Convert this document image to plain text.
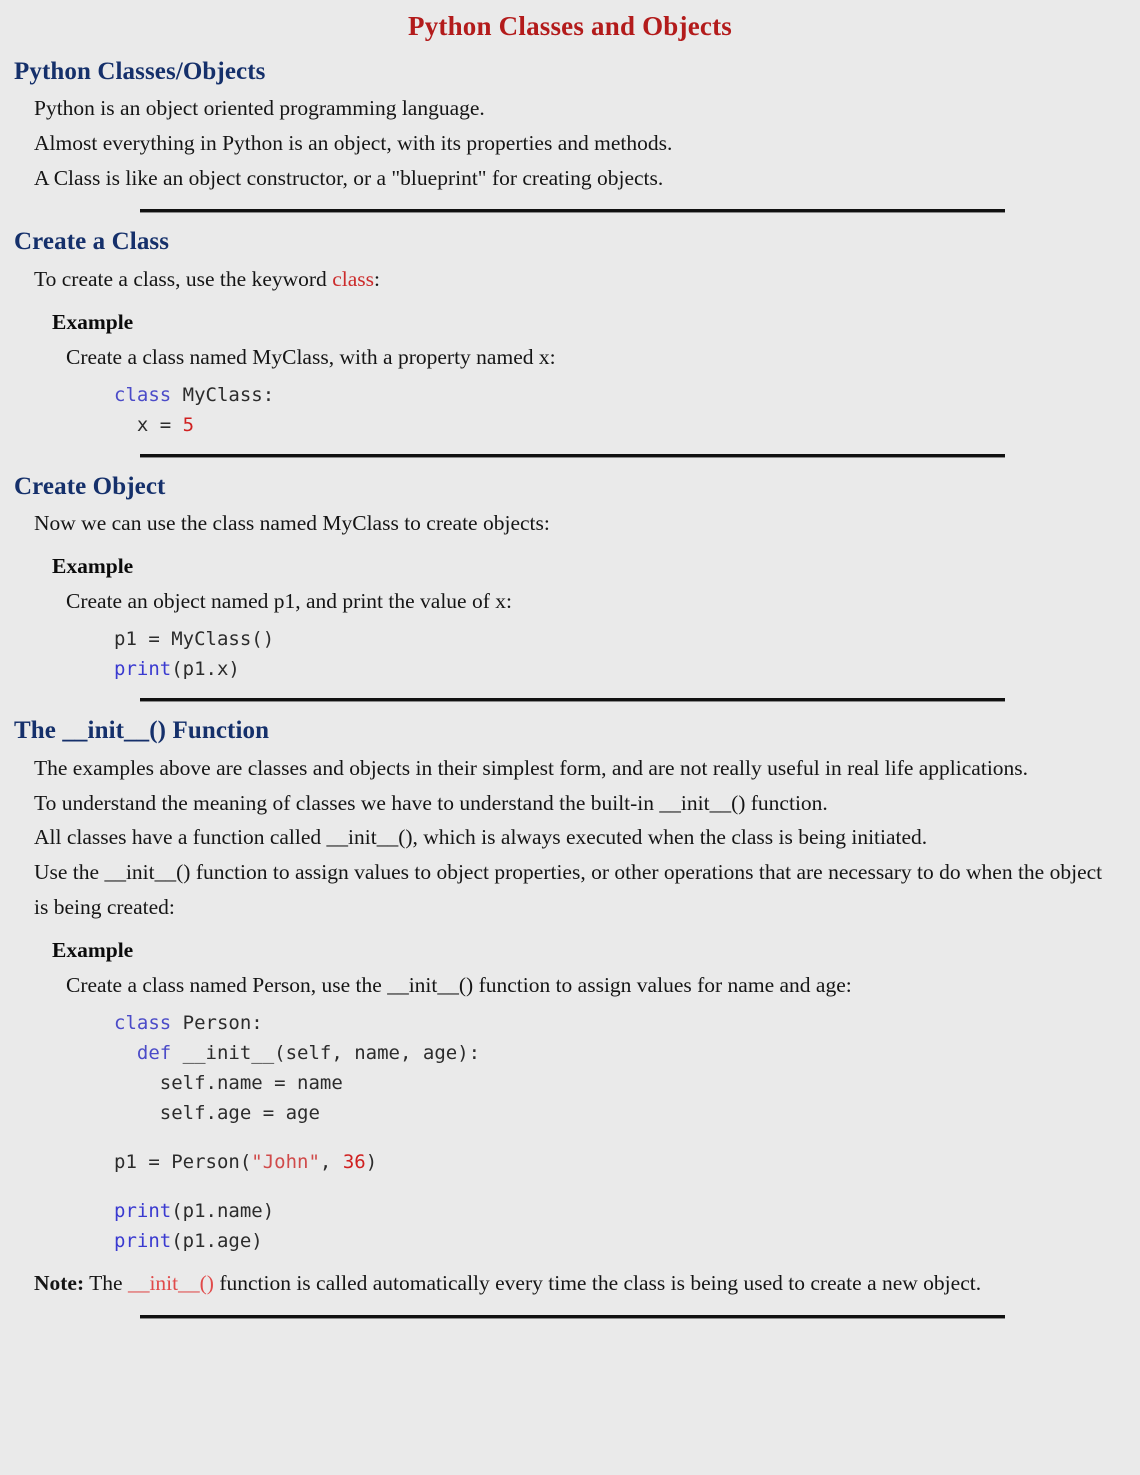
Python Classes and Objects
Python Classes/Objects

Python is an object oriented programming language.

Almost everything in Python is an object, with its properties and methods.

A Class is like an object constructor, or a "blueprint" for creating objects.

Create a Class

To create a class, use the keyword class:

Example
Create a class named MyClass, with a property named x:
class MyClass:
x = 5
Create Object

Now we can use the class named MyClass to create objects:

Example
Create an object named p1, and print the value of x:
p1 = MyClass()
print(p1.x)
The __init__() Function
The examples above are classes and objects in their simplest form, and are not really useful in real life applications.
To understand the meaning of classes we have to understand the built-in __init__() function.
All classes have a function called __init__(), which is always executed when the class is being initiated.
Use the __init__() function to assign values to object properties, or other operations that are necessary to do when the object is being created:
Example
Create a class named Person, use the __init__() function to assign values for name and age:
class Person:
def __init__(self, name, age):
self.name = name
self.age = age

p1 = Person("John", 36)

print(p1.name)
print(p1.age)
Note: The __init__() function is called automatically every time the class is being used to create a new object.
